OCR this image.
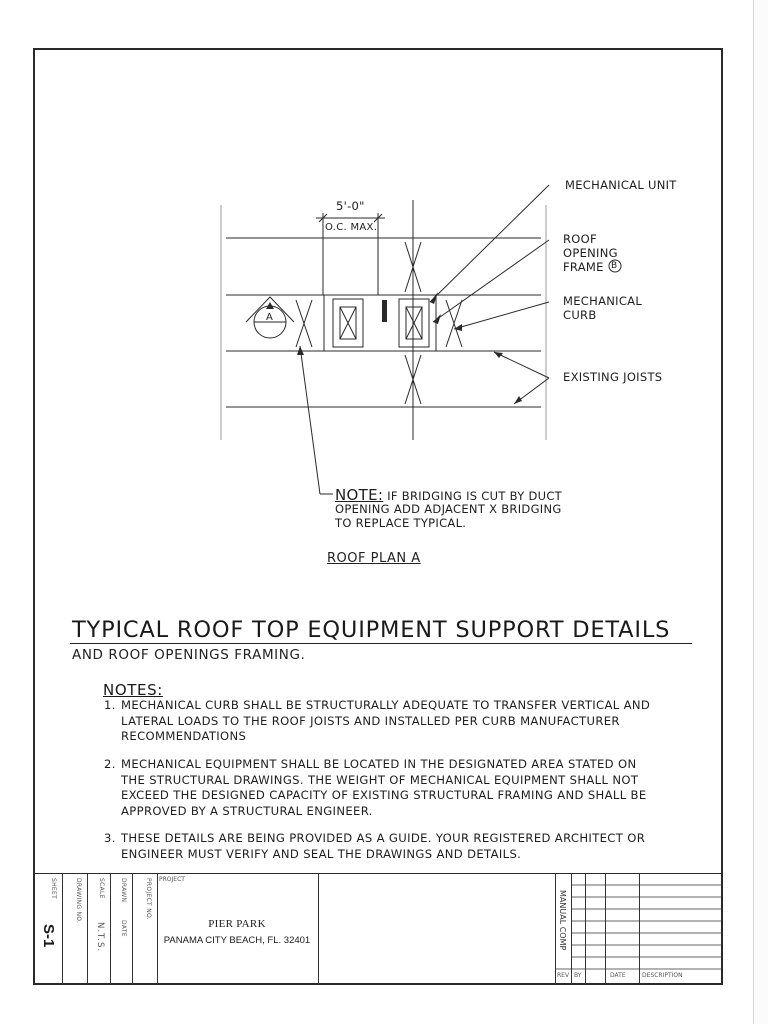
MECHANICAL UNIT
ROOF
OPENING
FRAME B
MECHANICAL
CURB
EXISTING JOISTS
5'-0"
O.C. MAX.
A
NOTE: IF BRIDGING IS CUT BY DUCT
OPENING ADD ADJACENT X BRIDGING
TO REPLACE TYPICAL.
ROOF PLAN A
TYPICAL ROOF TOP EQUIPMENT SUPPORT DETAILS
AND ROOF OPENINGS FRAMING.
NOTES:
1. MECHANICAL CURB SHALL BE STRUCTURALLY ADEQUATE TO TRANSFER VERTICAL AND
LATERAL LOADS TO THE ROOF JOISTS AND INSTALLED PER CURB MANUFACTURER
RECOMMENDATIONS
2. MECHANICAL EQUIPMENT SHALL BE LOCATED IN THE DESIGNATED AREA STATED ON
THE STRUCTURAL DRAWINGS. THE WEIGHT OF MECHANICAL EQUIPMENT SHALL NOT
EXCEED THE DESIGNED CAPACITY OF EXISTING STRUCTURAL FRAMING AND SHALL BE
APPROVED BY A STRUCTURAL ENGINEER.
3. THESE DETAILS ARE BEING PROVIDED AS A GUIDE. YOUR REGISTERED ARCHITECT OR
ENGINEER MUST VERIFY AND SEAL THE DRAWINGS AND DETAILS.
SHEET
S-1
DRAWING NO.	SCALE
N.T.S.
DRAWN
DATE
PROJECT NO. PROJECT
PIER PARK
PANAMA CITY BEACH, FL. 32401	MANUAL COMP
REV BY	DATE	DESCRIPTION
